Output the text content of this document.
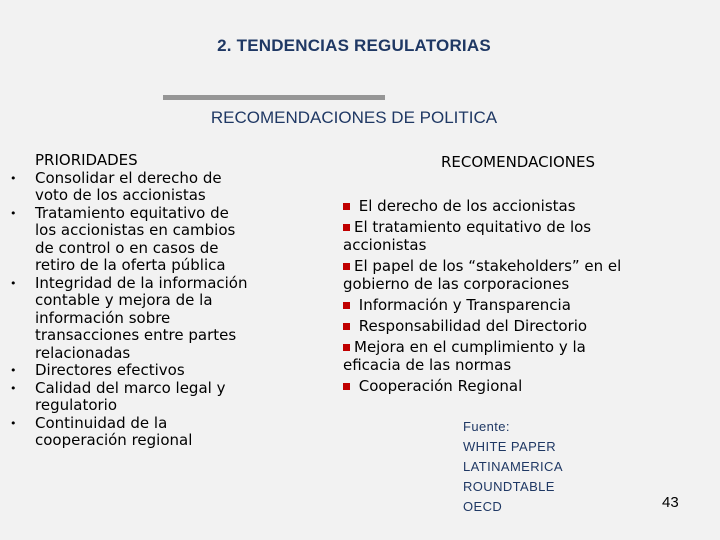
2. TENDENCIAS REGULATORIAS
RECOMENDACIONES DE POLITICA
PRIORIDADES
• Consolidar el derecho de
voto de los accionistas
• Tratamiento equitativo de
los accionistas en cambios
de control o en casos de
retiro de la oferta pública
• Integridad de la información
contable y mejora de la
información sobre
transacciones entre partes
relacionadas
• Directores efectivos
• Calidad del marco legal y
regulatorio
• Continuidad de la
cooperación regional
RECOMENDACIONES
El derecho de los accionistas
El tratamiento equitativo de los
accionistas
El papel de los “stakeholders” en el
gobierno de las corporaciones
Información y Transparencia
Responsabilidad del Directorio
Mejora en el cumplimiento y la
eficacia de las normas
Cooperación Regional
Fuente:
WHITE PAPER
LATINAMERICA
ROUNDTABLE
OECD	43
